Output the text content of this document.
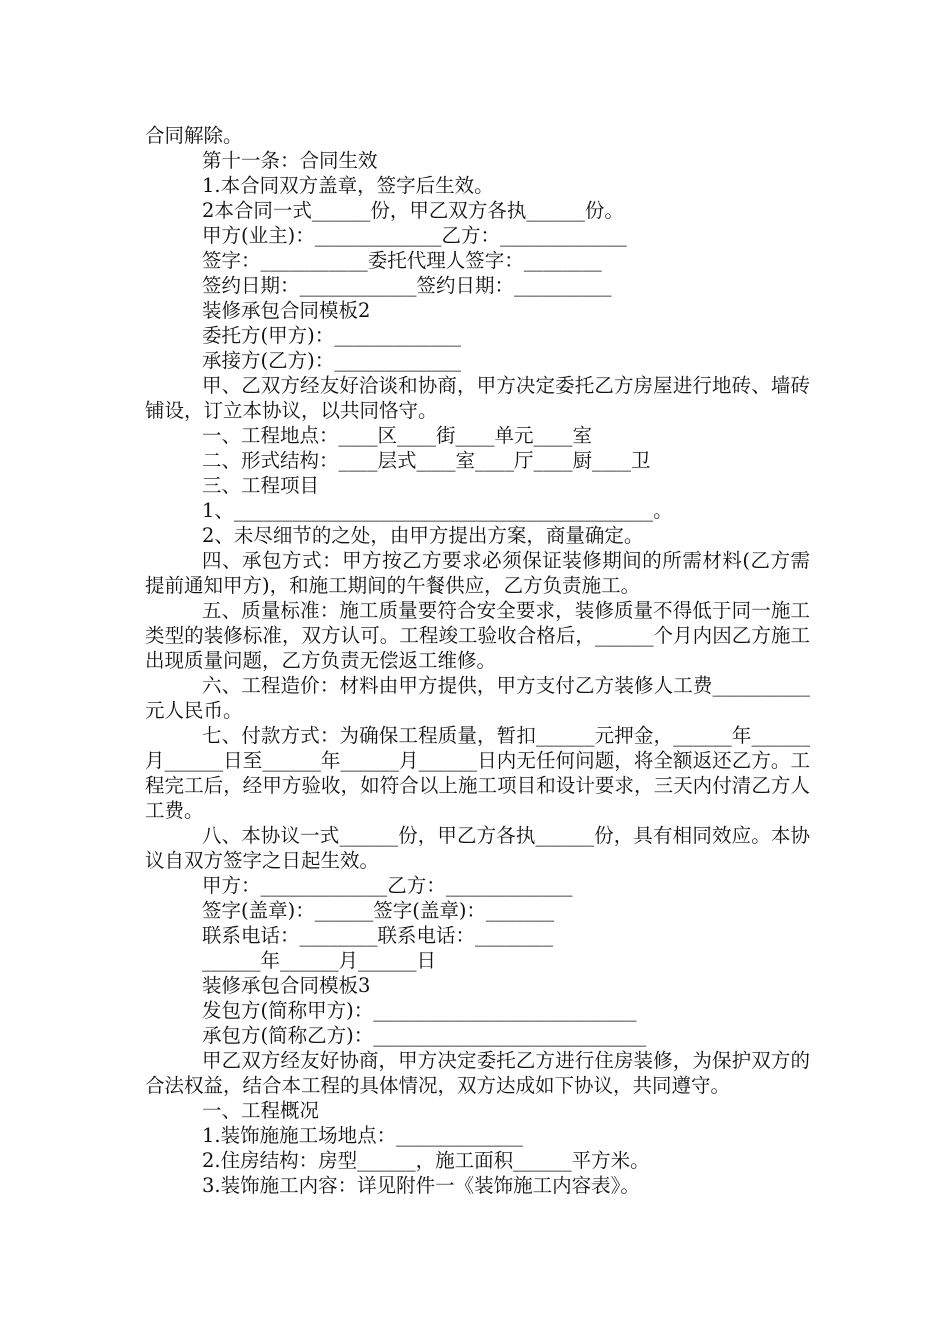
合同解除。

第十一条：合同生效

1.本合同双方盖章，签字后生效。

2本合同一式______份，甲乙双方各执______份。

甲方(业主)：_____________乙方：_____________

签字：___________委托代理人签字：________

签约日期：____________签约日期：__________

装修承包合同模板2

委托方(甲方)：_____________

承接方(乙方)：_____________

甲、乙双方经友好洽谈和协商，甲方决定委托乙方房屋进行地砖、墙砖铺设，订立本协议，以共同恪守。

一、工程地点：____区____街____单元____室

二、形式结构：____层式____室____厅____厨____卫

三、工程项目

1、___________________________________________。

2、未尽细节的之处，由甲方提出方案，商量确定。

四、承包方式：甲方按乙方要求必须保证装修期间的所需材料(乙方需提前通知甲方)，和施工期间的午餐供应，乙方负责施工。

五、质量标准：施工质量要符合安全要求，装修质量不得低于同一施工类型的装修标准，双方认可。工程竣工验收合格后，______个月内因乙方施工出现质量问题，乙方负责无偿返工维修。

六、工程造价：材料由甲方提供，甲方支付乙方装修人工费__________元人民币。

七、付款方式：为确保工程质量，暂扣______元押金，______年______月______日至______年______月______日内无任何问题，将全额返还乙方。工程完工后，经甲方验收，如符合以上施工项目和设计要求，三天内付清乙方人工费。

八、本协议一式______份，甲乙方各执______份，具有相同效应。本协议自双方签字之日起生效。

甲方：_____________乙方：_____________

签字(盖章)：______签字(盖章)：_______

联系电话：________联系电话：________

______年______月______日

装修承包合同模板3

发包方(简称甲方)：___________________________

承包方(简称乙方)：____________________________

甲乙双方经友好协商，甲方决定委托乙方进行住房装修，为保护双方的合法权益，结合本工程的具体情况，双方达成如下协议，共同遵守。

一、工程概况

1.装饰施施工场地点：_____________

2.住房结构：房型______，施工面积______平方米。

3.装饰施工内容：详见附件一《装饰施工内容表》。
